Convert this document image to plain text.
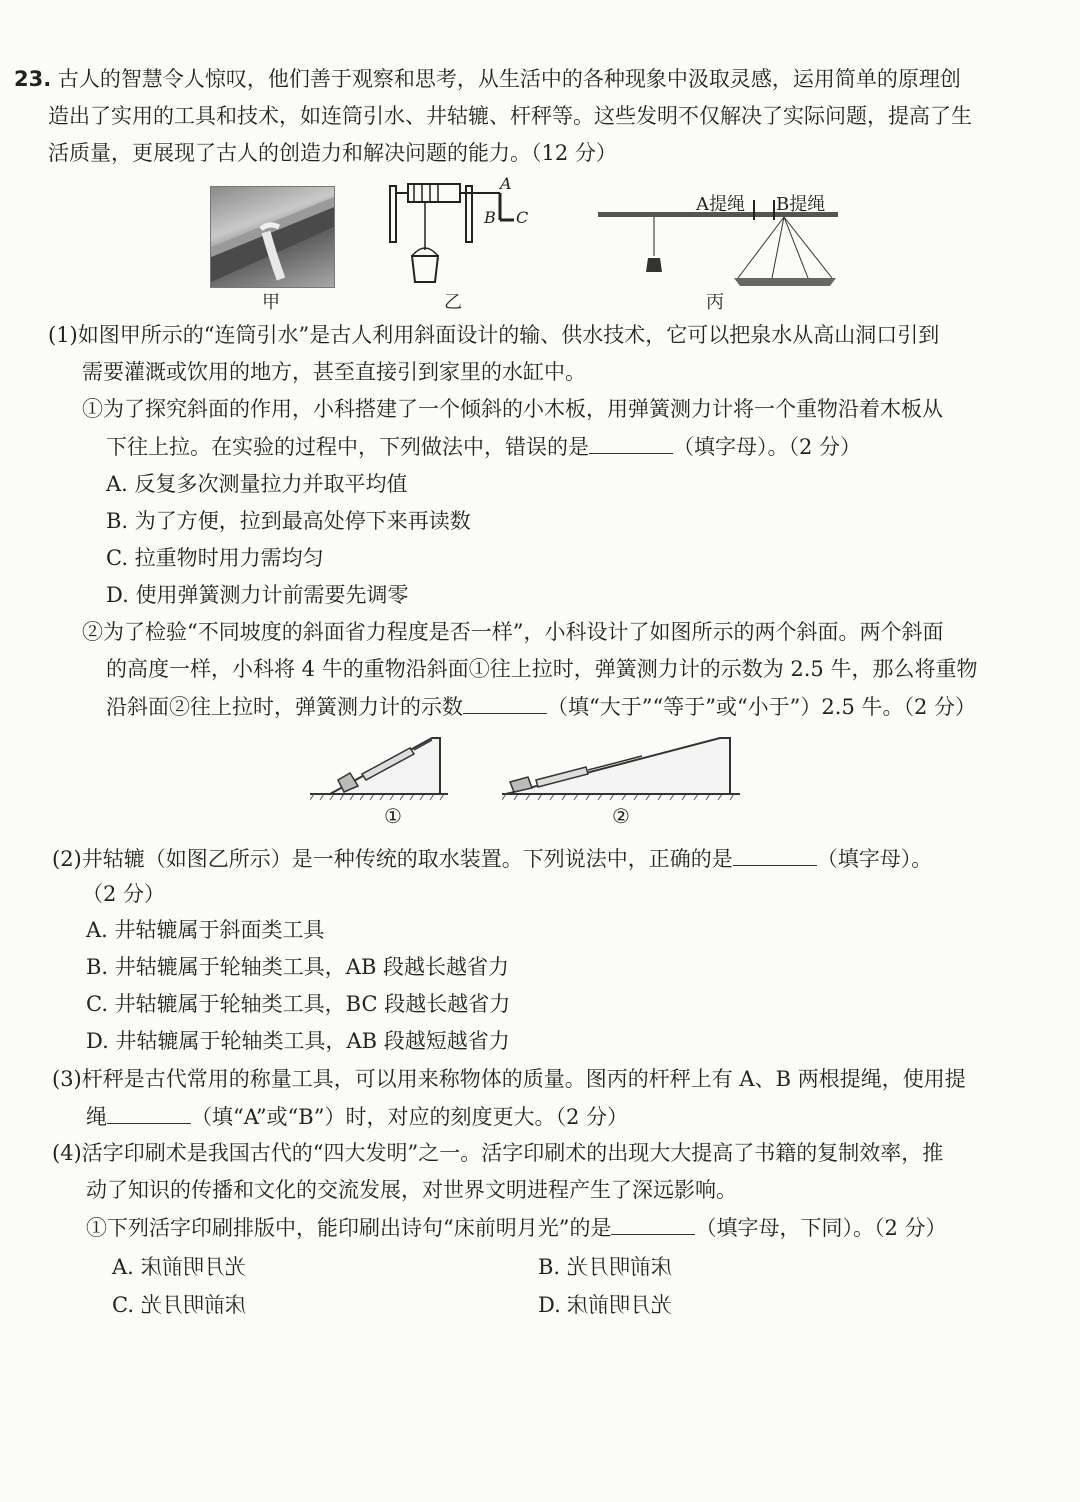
23. 古人的智慧令人惊叹，他们善于观察和思考，从生活中的各种现象中汲取灵感，运用简单的原理创
造出了实用的工具和技术，如连筒引水、井轱辘、杆秤等。这些发明不仅解决了实际问题，提高了生
活质量，更展现了古人的创造力和解决问题的能力。（12 分）
甲
A
B C
乙
A提绳 B提绳
丙
(1)如图甲所示的“连筒引水”是古人利用斜面设计的输、供水技术，它可以把泉水从高山洞口引到
需要灌溉或饮用的地方，甚至直接引到家里的水缸中。
①为了探究斜面的作用，小科搭建了一个倾斜的小木板，用弹簧测力计将一个重物沿着木板从
下往上拉。在实验的过程中，下列做法中，错误的是	（填字母）。（2 分）
A. 反复多次测量拉力并取平均值
B. 为了方便，拉到最高处停下来再读数
C. 拉重物时用力需均匀
D. 使用弹簧测力计前需要先调零
②为了检验“不同坡度的斜面省力程度是否一样”，小科设计了如图所示的两个斜面。两个斜面
的高度一样，小科将 4 牛的重物沿斜面①往上拉时，弹簧测力计的示数为 2.5 牛，那么将重物
沿斜面②往上拉时，弹簧测力计的示数	（填“大于”“等于”或“小于”）2.5 牛。（2 分）
①	②
(2)井轱辘（如图乙所示）是一种传统的取水装置。下列说法中，正确的是	（填字母）。
（2 分）
A. 井轱辘属于斜面类工具
B. 井轱辘属于轮轴类工具，AB 段越长越省力
C. 井轱辘属于轮轴类工具，BC 段越长越省力
D. 井轱辘属于轮轴类工具，AB 段越短越省力
(3)杆秤是古代常用的称量工具，可以用来称物体的质量。图丙的杆秤上有 A、B 两根提绳，使用提
绳	（填“A”或“B”）时，对应的刻度更大。（2 分）
(4)活字印刷术是我国古代的“四大发明”之一。活字印刷术的出现大大提高了书籍的复制效率，推
动了知识的传播和文化的交流发展，对世界文明进程产生了深远影响。
①下列活字印刷排版中，能印刷出诗句“床前明月光”的是	（填字母，下同）。（2 分）
A. 床前明月光	B. 床前明月光
C. 光月明前床	D. 光月明前床
